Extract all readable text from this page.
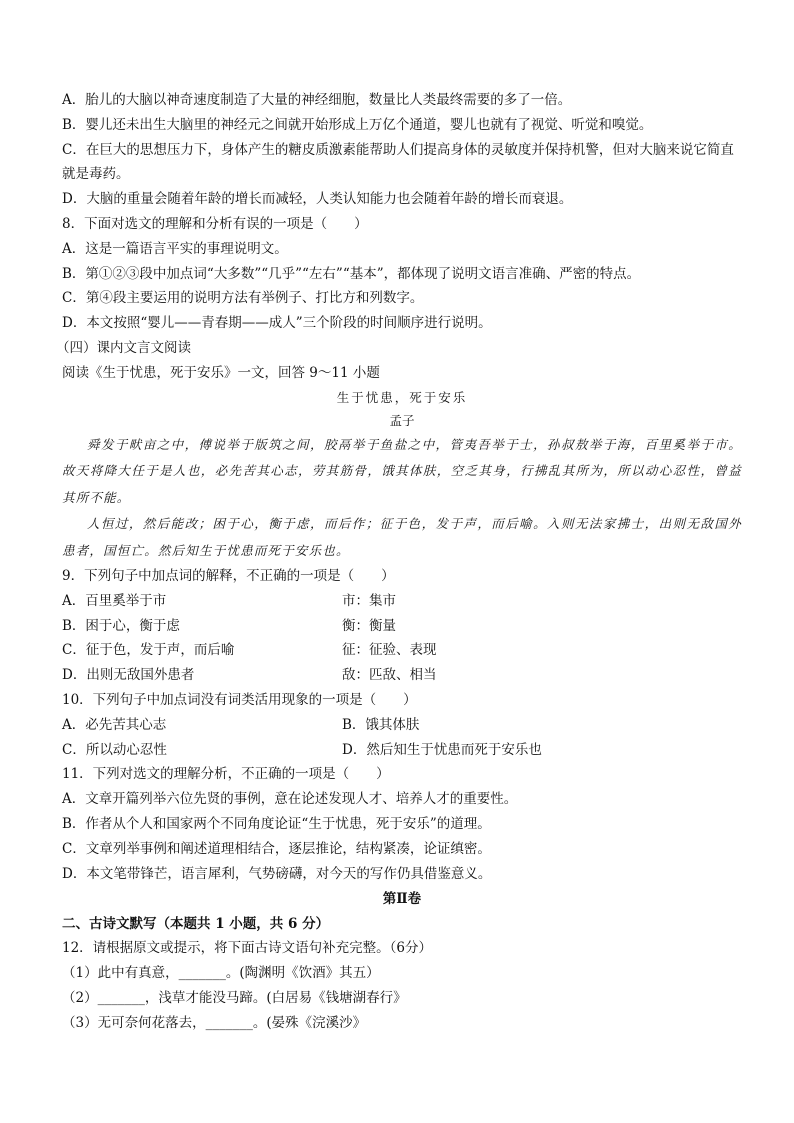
A．胎儿的大脑以神奇速度制造了大量的神经细胞，数量比人类最终需要的多了一倍。
B．婴儿还未出生大脑里的神经元之间就开始形成上万亿个通道，婴儿也就有了视觉、听觉和嗅觉。
C．在巨大的思想压力下，身体产生的糖皮质激素能帮助人们提高身体的灵敏度并保持机警，但对大脑来说它简直就是毒药。
D．大脑的重量会随着年龄的增长而减轻，人类认知能力也会随着年龄的增长而衰退。
8．下面对选文的理解和分析有误的一项是（　　）
A．这是一篇语言平实的事理说明文。
B．第①②③段中加点词“大多数”“几乎”“左右”“基本”，都体现了说明文语言准确、严密的特点。
C．第④段主要运用的说明方法有举例子、打比方和列数字。
D．本文按照“婴儿——青春期——成人”三个阶段的时间顺序进行说明。
（四）课内文言文阅读
阅读《生于忧患，死于安乐》一文，回答 9～11 小题
生于忧患，死于安乐
孟子
舜发于畎亩之中，傅说举于版筑之间，胶鬲举于鱼盐之中，管夷吾举于士，孙叔敖举于海，百里奚举于市。故天将降大任于是人也，必先苦其心志，劳其筋骨，饿其体肤，空乏其身，行拂乱其所为，所以动心忍性，曾益其所不能。
人恒过，然后能改；困于心，衡于虑，而后作；征于色，发于声，而后喻。入则无法家拂士，出则无敌国外患者，国恒亡。然后知生于忧患而死于安乐也。
9．下列句子中加点词的解释，不正确的一项是（　　）
A．百里奚举于市	市：集市
B．困于心，衡于虑	衡：衡量
C．征于色，发于声，而后喻	征：征验、表现
D．出则无敌国外患者	敌：匹敌、相当
10．下列句子中加点词没有词类活用现象的一项是（　　）
A．必先苦其心志	B．饿其体肤
C．所以动心忍性	D．然后知生于忧患而死于安乐也
11．下列对选文的理解分析，不正确的一项是（　　）
A．文章开篇列举六位先贤的事例，意在论述发现人才、培养人才的重要性。
B．作者从个人和国家两个不同角度论证“生于忧患，死于安乐”的道理。
C．文章列举事例和阐述道理相结合，逐层推论，结构紧凑，论证缜密。
D．本文笔带锋芒，语言犀利，气势磅礴，对今天的写作仍具借鉴意义。
第Ⅱ卷
二、古诗文默写（本题共 1 小题，共 6 分）
12．请根据原文或提示，将下面古诗文语句补充完整。（6分）
（1）此中有真意，_______。(陶渊明《饮酒》其五）
（2）_______，浅草才能没马蹄。(白居易《钱塘湖春行》
（3）无可奈何花落去，_______。(晏殊《浣溪沙》
